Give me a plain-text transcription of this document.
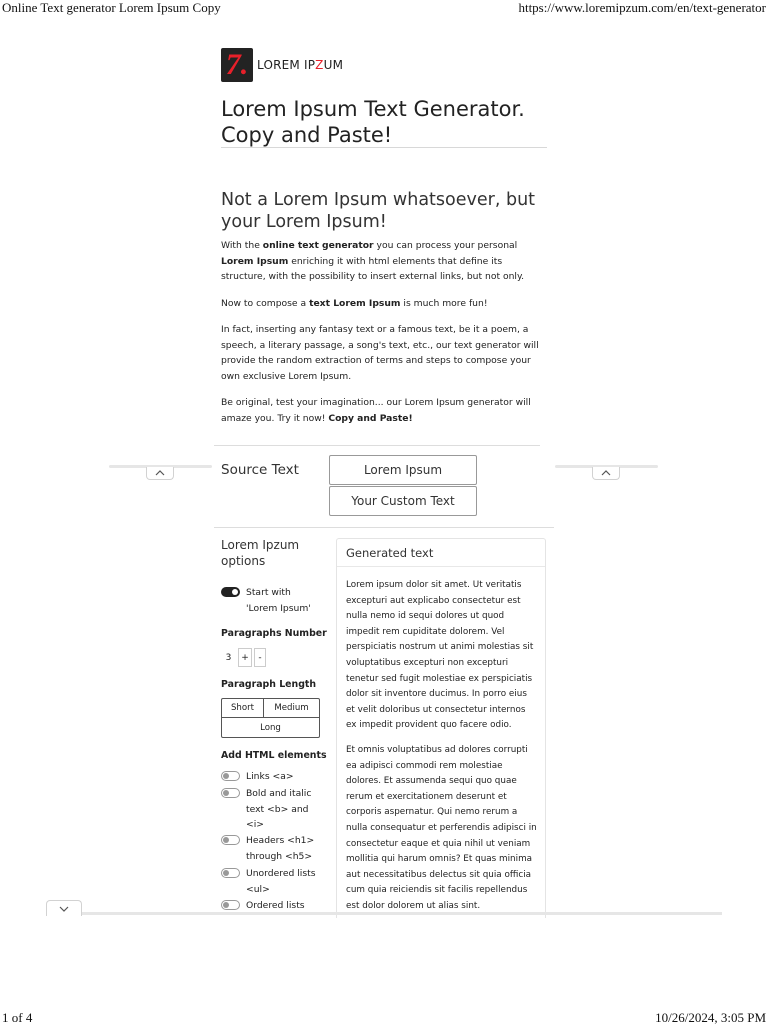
Online Text generator Lorem Ipsum Copy	https://www.loremipzum.com/en/text-generator
7. LOREM IPZUM
Lorem Ipsum Text Generator. Copy and Paste!
Not a Lorem Ipsum whatsoever, but your Lorem Ipsum!

With the online text generator you can process your personal Lorem Ipsum enriching it with html elements that define its structure, with the possibility to insert external links, but not only.

Now to compose a text Lorem Ipsum is much more fun!

In fact, inserting any fantasy text or a famous text, be it a poem, a speech, a literary passage, a song's text, etc., our text generator will provide the random extraction of terms and steps to compose your own exclusive Lorem Ipsum.

Be original, test your imagination... our Lorem Ipsum generator will amaze you. Try it now! Copy and Paste!

Source Text	Lorem Ipsum
Your Custom Text
Lorem Ipzum options
Start with 'Lorem Ipsum'
Paragraphs Number
3	+	-
Paragraph Length
Short	Medium
Long
Add HTML elements
Links <a>
Bold and italic text <b> and <i>
Headers <h1> through <h5>
Unordered lists <ul>
Ordered lists
Generated text

Lorem ipsum dolor sit amet. Ut veritatis excepturi aut explicabo consectetur est nulla nemo id sequi dolores ut quod impedit rem cupiditate dolorem. Vel perspiciatis nostrum ut animi molestias sit voluptatibus excepturi non excepturi tenetur sed fugit molestiae ex perspiciatis dolor sit inventore ducimus. In porro eius et velit doloribus ut consectetur internos ex impedit provident quo facere odio.

Et omnis voluptatibus ad dolores corrupti ea adipisci commodi rem molestiae dolores. Et assumenda sequi quo quae rerum et exercitationem deserunt et corporis aspernatur. Qui nemo rerum a nulla consequatur et perferendis adipisci in consectetur eaque et quia nihil ut veniam mollitia qui harum omnis? Et quas minima aut necessitatibus delectus sit quia officia cum quia reiciendis sit facilis repellendus est dolor dolorem ut alias sint.

1 of 4	10/26/2024, 3:05 PM
